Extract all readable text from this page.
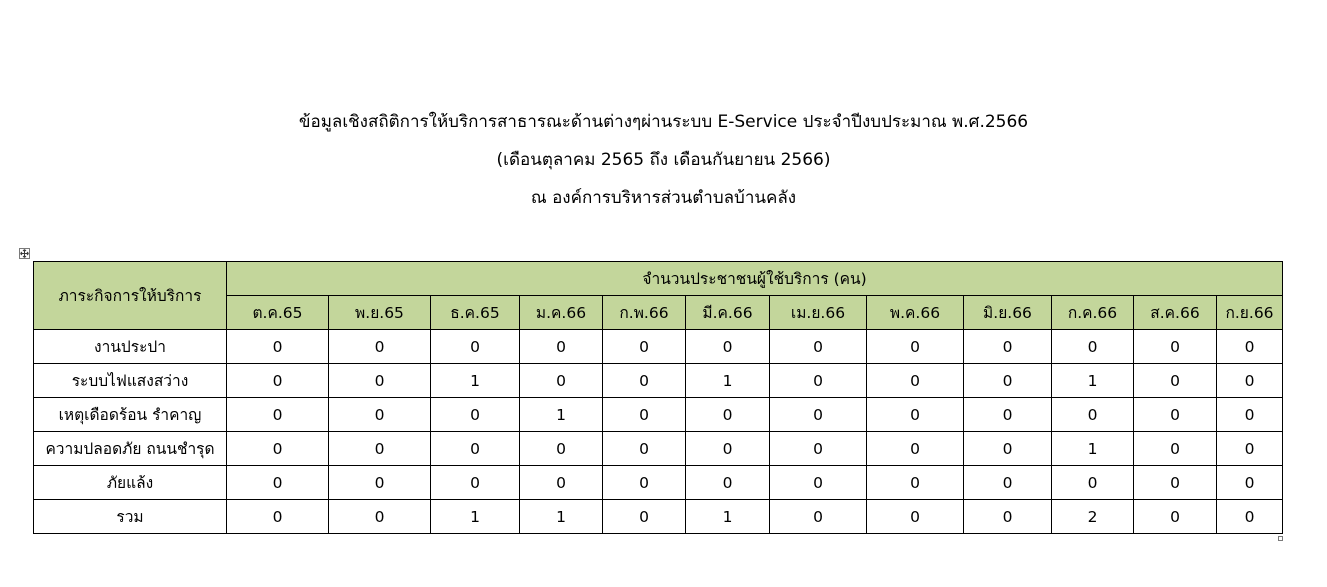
ข้อมูลเชิงสถิติการให้บริการสาธารณะด้านต่างๆผ่านระบบ E-Service ประจำปีงบประมาณ พ.ศ.2566
(เดือนตุลาคม 2565 ถึง เดือนกันยายน 2566)
ณ องค์การบริหารส่วนตำบลบ้านคลัง
ภาระกิจการให้บริการ	จำนวนประชาชนผู้ใช้บริการ (คน)											
	ต.ค.65	พ.ย.65	ธ.ค.65	ม.ค.66	ก.พ.66	มี.ค.66	เม.ย.66	พ.ค.66	มิ.ย.66	ก.ค.66	ส.ค.66	ก.ย.66
งานประปา	0	0	0	0	0	0	0	0	0	0	0	0
ระบบไฟแสงสว่าง	0	0	1	0	0	1	0	0	0	1	0	0
เหตุเดือดร้อน รำคาญ	0	0	0	1	0	0	0	0	0	0	0	0
ความปลอดภัย ถนนชำรุด	0	0	0	0	0	0	0	0	0	1	0	0
ภัยแล้ง	0	0	0	0	0	0	0	0	0	0	0	0
รวม	0	0	1	1	0	1	0	0	0	2	0	0
